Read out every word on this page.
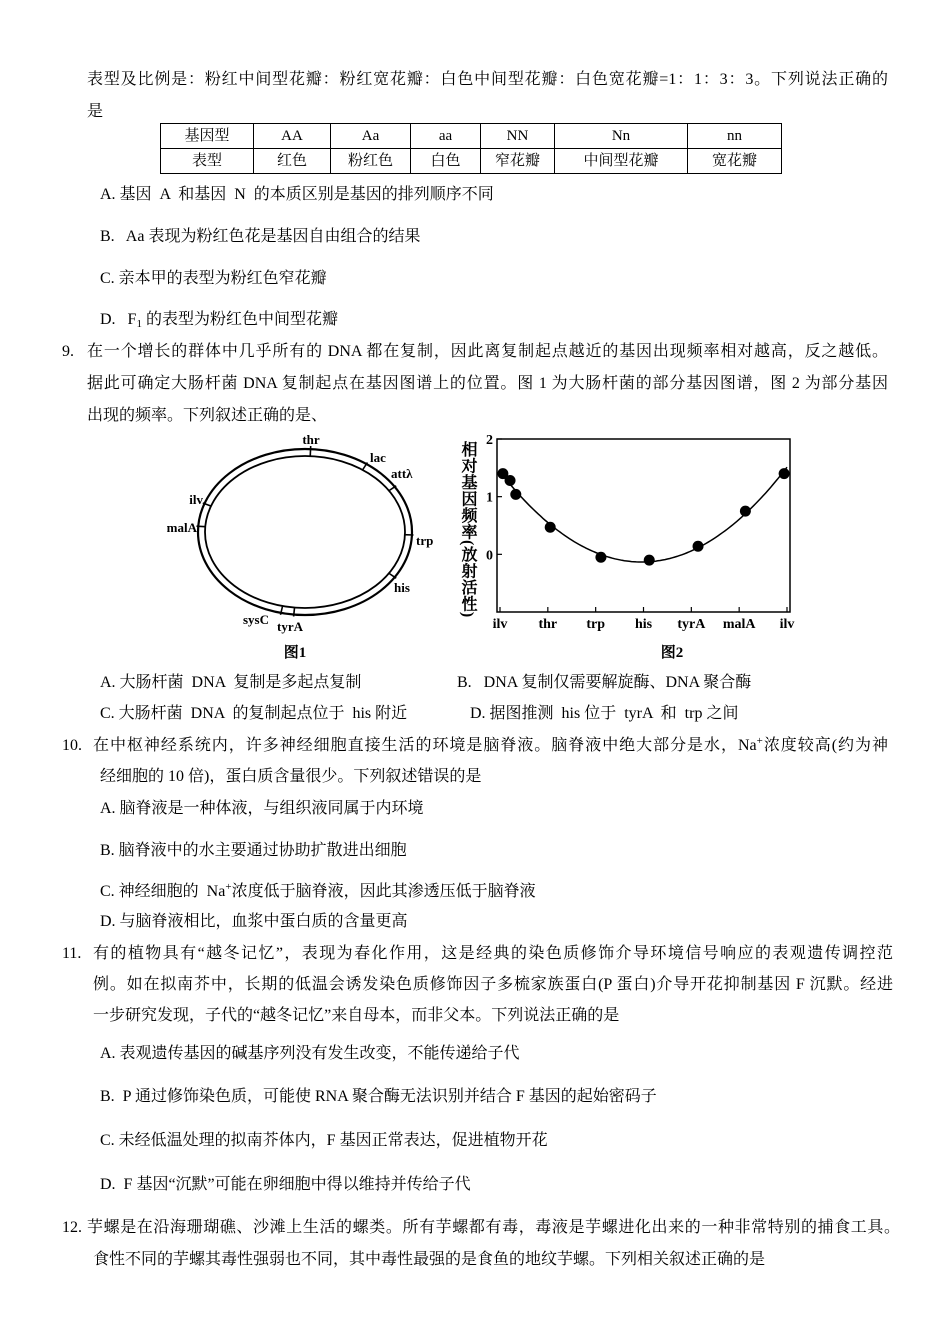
表型及比例是：粉红中间型花瓣：粉红宽花瓣：白色中间型花瓣：白色宽花瓣=1：1：3：3。下列说法正确的
是
基因型	AA	Aa	aa	NN	Nn	nn
表型	红色	粉红色	白色	窄花瓣	中间型花瓣	宽花瓣
A. 基因  A  和基因  N  的本质区别是基因的排列顺序不同
B.   Aa 表现为粉红色花是基因自由组合的结果
C. 亲本甲的表型为粉红色窄花瓣
D.   $F_1$ 的表型为粉红色中间型花瓣
9. 在一个增长的群体中几乎所有的 DNA 都在复制，因此离复制起点越近的基因出现频率相对越高，反之越低。
据此可确定大肠杆菌 DNA 复制起点在基因图谱上的位置。图 1 为大肠杆菌的部分基因图谱，图 2 为部分基因
出现的频率。下列叙述正确的是、
thr
lac
attλ
trp
his
tyrA
sysC
malA
ilv
图1
相对基因频率(放射活性)
图2
ilv thr trp his tyrA malA ilv
2
1
0
A. 大肠杆菌  DNA  复制是多起点复制	B.   DNA 复制仅需要解旋酶、DNA 聚合酶
C. 大肠杆菌  DNA  的复制起点位于  his 附近	D. 据图推测  his 位于  tyrA  和  trp 之间
10. 在中枢神经系统内，许多神经细胞直接生活的环境是脑脊液。脑脊液中绝大部分是水，Na+浓度较高(约为神
经细胞的 10 倍)，蛋白质含量很少。下列叙述错误的是
A. 脑脊液是一种体液，与组织液同属于内环境
B. 脑脊液中的水主要通过协助扩散进出细胞
C. 神经细胞的  Na+浓度低于脑脊液，因此其渗透压低于脑脊液
D. 与脑脊液相比，血浆中蛋白质的含量更高
11. 有的植物具有“越冬记忆”，表现为春化作用，这是经典的染色质修饰介导环境信号响应的表观遗传调控范
例。如在拟南芥中，长期的低温会诱发染色质修饰因子多梳家族蛋白(P 蛋白)介导开花抑制基因 F 沉默。经进
一步研究发现，子代的“越冬记忆”来自母本，而非父本。下列说法正确的是
A. 表观遗传基因的碱基序列没有发生改变，不能传递给子代
B.  P 通过修饰染色质，可能使 RNA 聚合酶无法识别并结合 F 基因的起始密码子
C. 未经低温处理的拟南芥体内，F 基因正常表达，促进植物开花
D.  F 基因“沉默”可能在卵细胞中得以维持并传给子代
12. 芋螺是在沿海珊瑚礁、沙滩上生活的螺类。所有芋螺都有毒，毒液是芋螺进化出来的一种非常特别的捕食工具。
食性不同的芋螺其毒性强弱也不同，其中毒性最强的是食鱼的地纹芋螺。下列相关叙述正确的是
